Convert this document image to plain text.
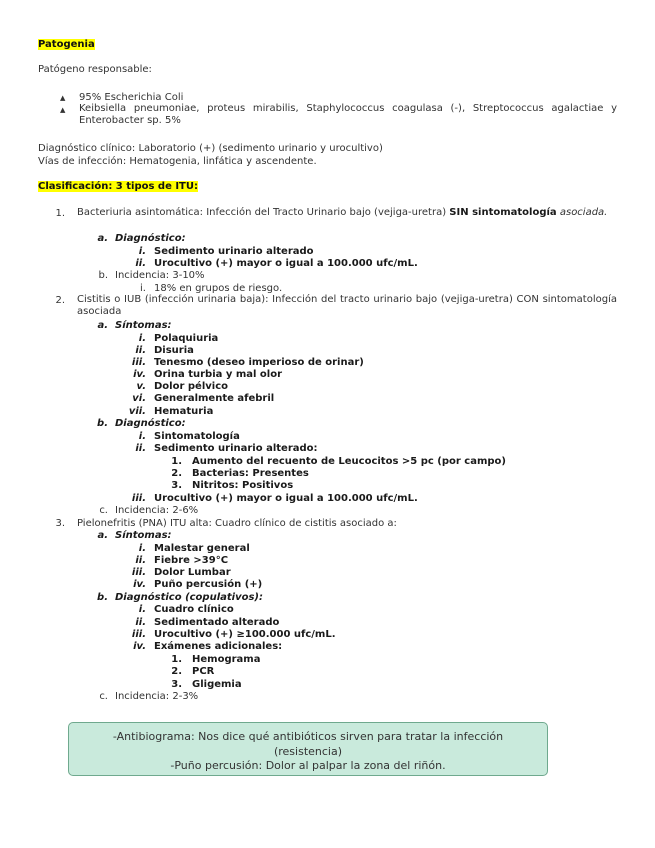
Patogenia
Patógeno responsable:
▲ 95% Escherichia Coli
▲ Keibsiella pneumoniae, proteus mirabilis, Staphylococcus coagulasa (-), Streptococcus agalactiae y Enterobacter sp. 5%
Diagnóstico clínico: Laboratorio (+) (sedimento urinario y urocultivo)
Vías de infección: Hematogenia, linfática y ascendente.
Clasificación: 3 tipos de ITU:
1. Bacteriuria asintomática: Infección del Tracto Urinario bajo (vejiga-uretra) SIN sintomatología asociada.
a. Diagnóstico:
i. Sedimento urinario alterado
ii. Urocultivo (+) mayor o igual a 100.000 ufc/mL.
b. Incidencia: 3-10%
i. 18% en grupos de riesgo.
2. Cistitis o IUB (infección urinaria baja): Infección del tracto urinario bajo (vejiga-uretra) CON sintomatología asociada
a. Síntomas:
i. Polaquiuria
ii. Disuria
iii. Tenesmo (deseo imperioso de orinar)
iv. Orina turbia y mal olor
v. Dolor pélvico
vi. Generalmente afebril
vii. Hematuria
b. Diagnóstico:
i. Sintomatología
ii. Sedimento urinario alterado:
1. Aumento del recuento de Leucocitos >5 pc (por campo)
2. Bacterias: Presentes
3. Nitritos: Positivos
iii. Urocultivo (+) mayor o igual a 100.000 ufc/mL.
c. Incidencia: 2-6%
3. Pielonefritis (PNA) ITU alta: Cuadro clínico de cistitis asociado a:
a. Síntomas:
i. Malestar general
ii. Fiebre >39°C
iii. Dolor Lumbar
iv. Puño percusión (+)
b. Diagnóstico (copulativos):
i. Cuadro clínico
ii. Sedimentado alterado
iii. Urocultivo (+) ≥100.000 ufc/mL.
iv. Exámenes adicionales:
1. Hemograma
2. PCR
3. Gligemia
c. Incidencia: 2-3%
-Antibiograma: Nos dice qué antibióticos sirven para tratar la infección (resistencia)
-Puño percusión: Dolor al palpar la zona del riñón.
